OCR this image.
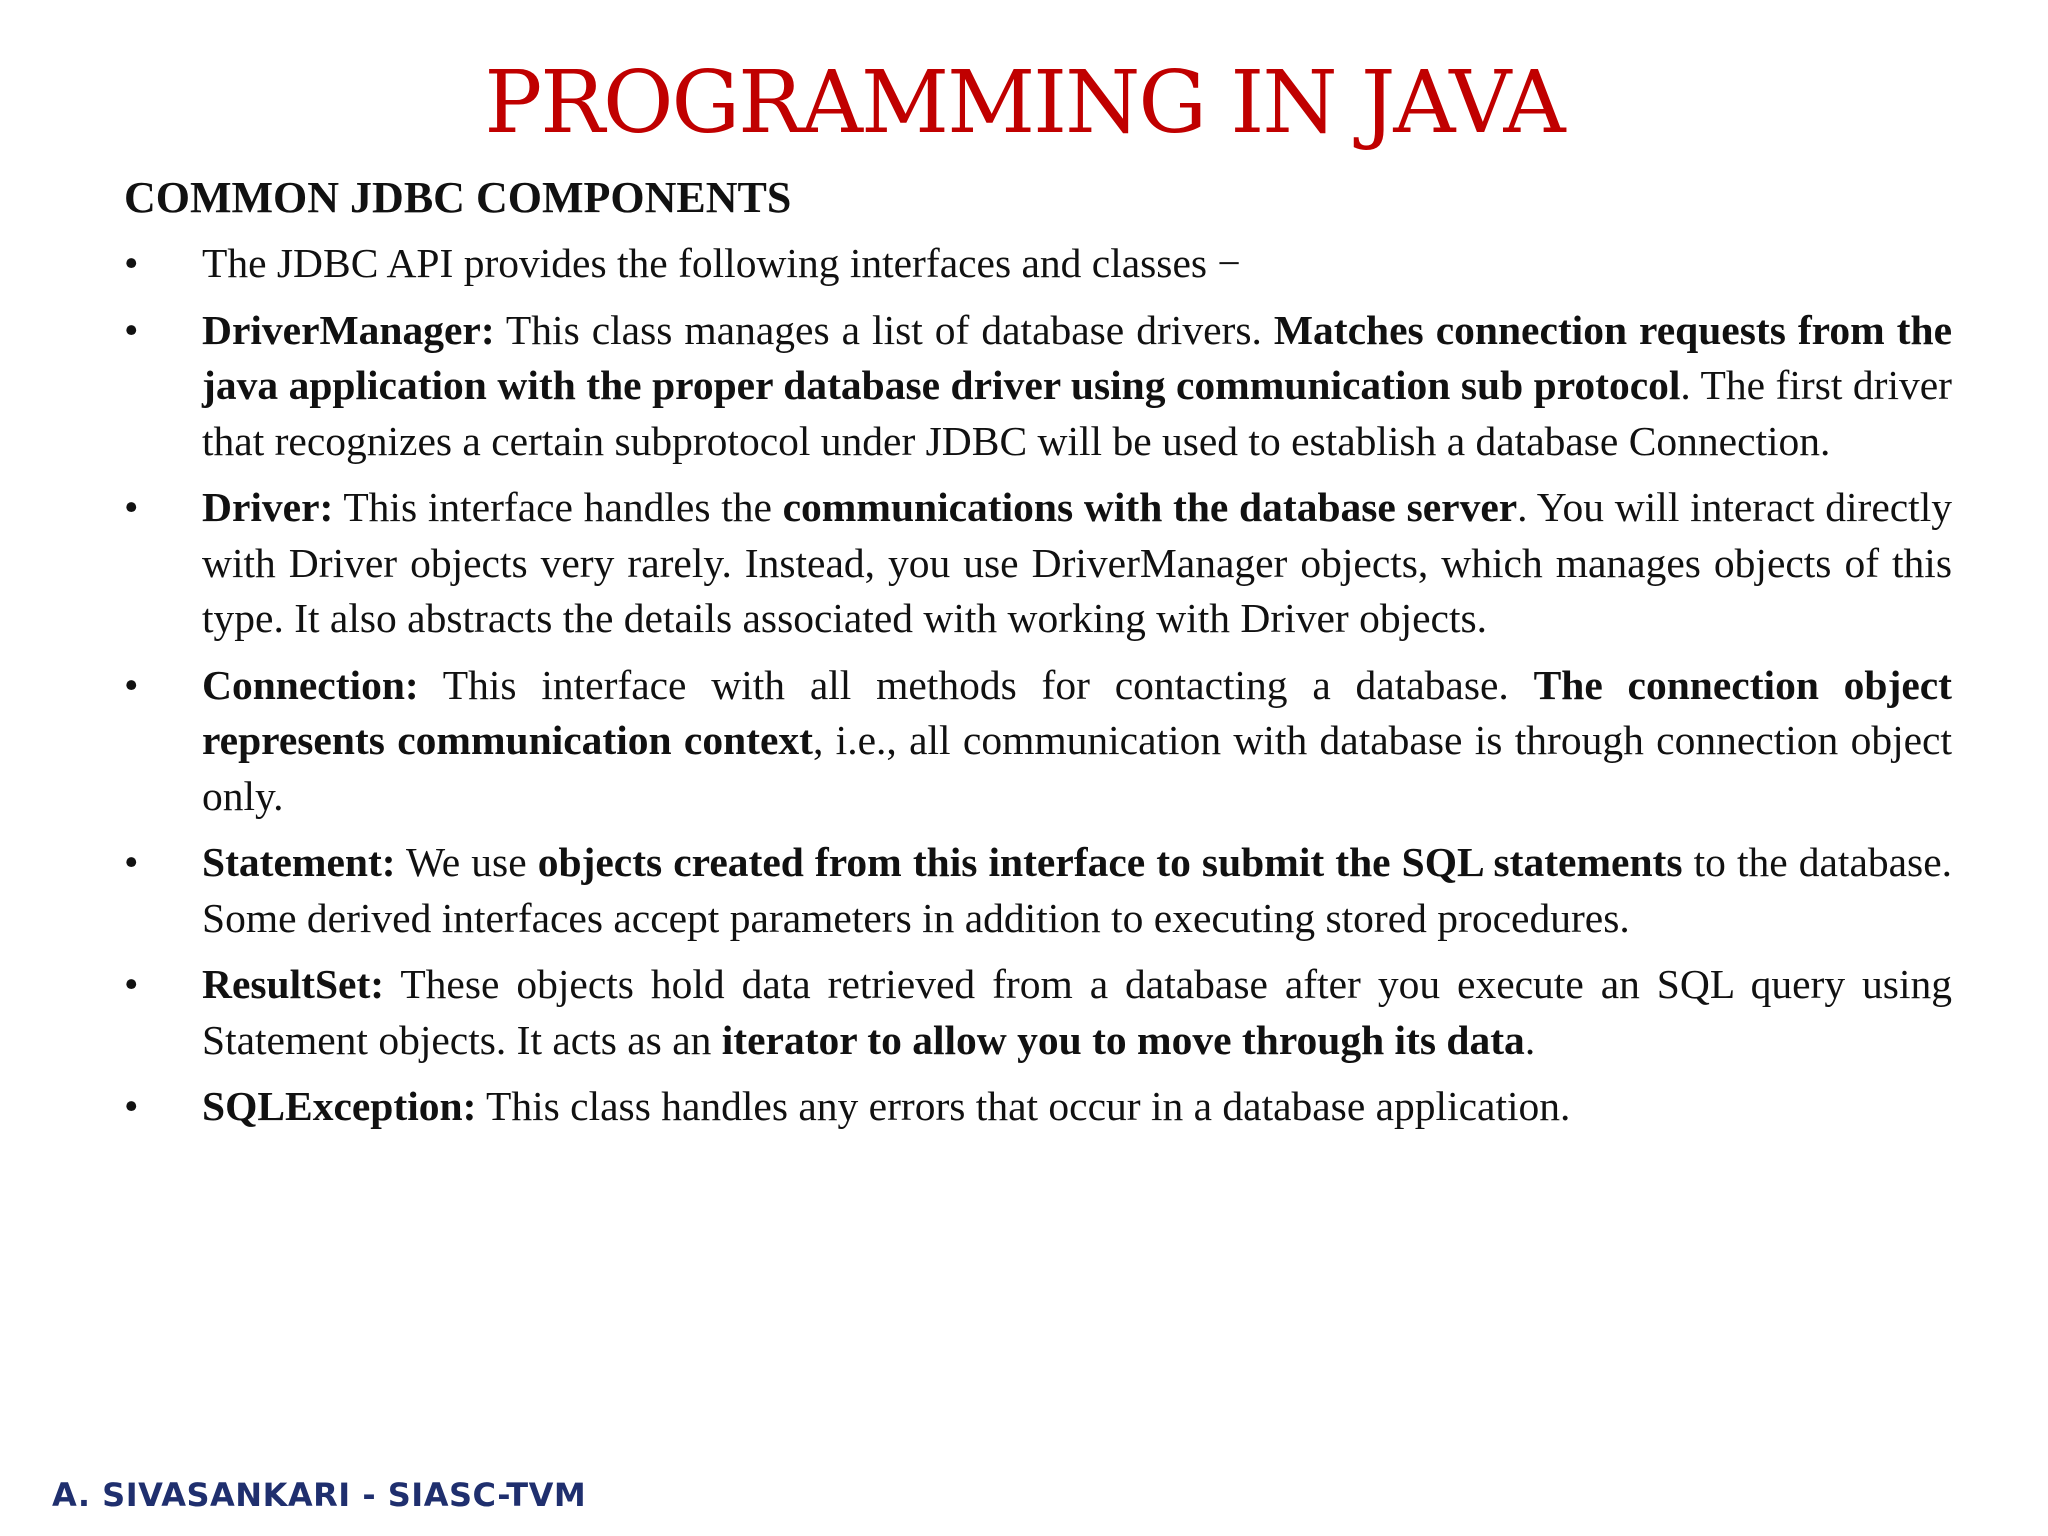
PROGRAMMING IN JAVA
COMMON JDBC COMPONENTS
•	The JDBC API provides the following interfaces and classes −
•	DriverManager: This class manages a list of database drivers. Matches connection requests from the java application with the proper database driver using communication sub protocol. The first driver that recognizes a certain subprotocol under JDBC will be used to establish a database Connection.
•	Driver: This interface handles the communications with the database server. You will interact directly with Driver objects very rarely. Instead, you use DriverManager objects, which manages objects of this type. It also abstracts the details associated with working with Driver objects.
•	Connection: This interface with all methods for contacting a database. The connection object represents communication context, i.e., all communication with database is through connection object only.
•	Statement: We use objects created from this interface to submit the SQL statements to the database. Some derived interfaces accept parameters in addition to executing stored procedures.
•	ResultSet: These objects hold data retrieved from a database after you execute an SQL query using Statement objects. It acts as an iterator to allow you to move through its data.
•	SQLException: This class handles any errors that occur in a database application.
A. SIVASANKARI - SIASC-TVM
